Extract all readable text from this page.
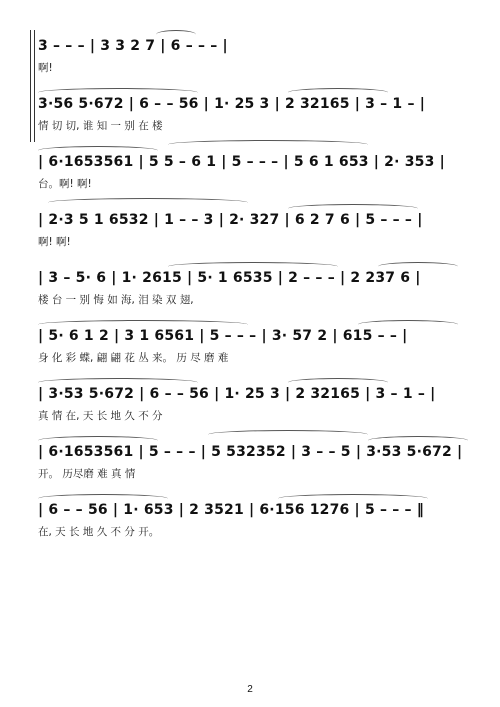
3 – – – | 3 3 2 7 | 6 – – – |
啊!
3·56 5·672 | 6 – – 56 | 1· 25 3 | 2 32165 | 3 – 1 – |
情 切 切, 谁 知 一 别 在 楼
| 6·1653561 | 5 5 – 6 1 | 5 – – – | 5 6 1 653 | 2· 353 |
台。啊! 啊!
| 2·3 5 1 6532 | 1 – – 3 | 2· 327 | 6 2 7 6 | 5 – – – |
啊! 啊!
| 3 – 5· 6 | 1· 2615 | 5· 1 6535 | 2 – – – | 2 237 6 |
楼 台 一 别 悔 如 海, 泪 染 双 翅,
| 5· 6 1 2 | 3 1 6561 | 5 – – – | 3· 57 2 | 615 – – |
身 化 彩 蝶, 翩 翩 花 丛 来。 历 尽 磨 难
| 3·53 5·672 | 6 – – 56 | 1· 25 3 | 2 32165 | 3 – 1 – |
真 情 在, 天 长 地 久 不 分
| 6·1653561 | 5 – – – | 5 532352 | 3 – – 5 | 3·53 5·672 |
开。 历尽磨 难 真 情
| 6 – – 56 | 1· 653 | 2 3521 | 6·156 1276 | 5 – – – ‖
在, 天 长 地 久 不 分 开。
2
